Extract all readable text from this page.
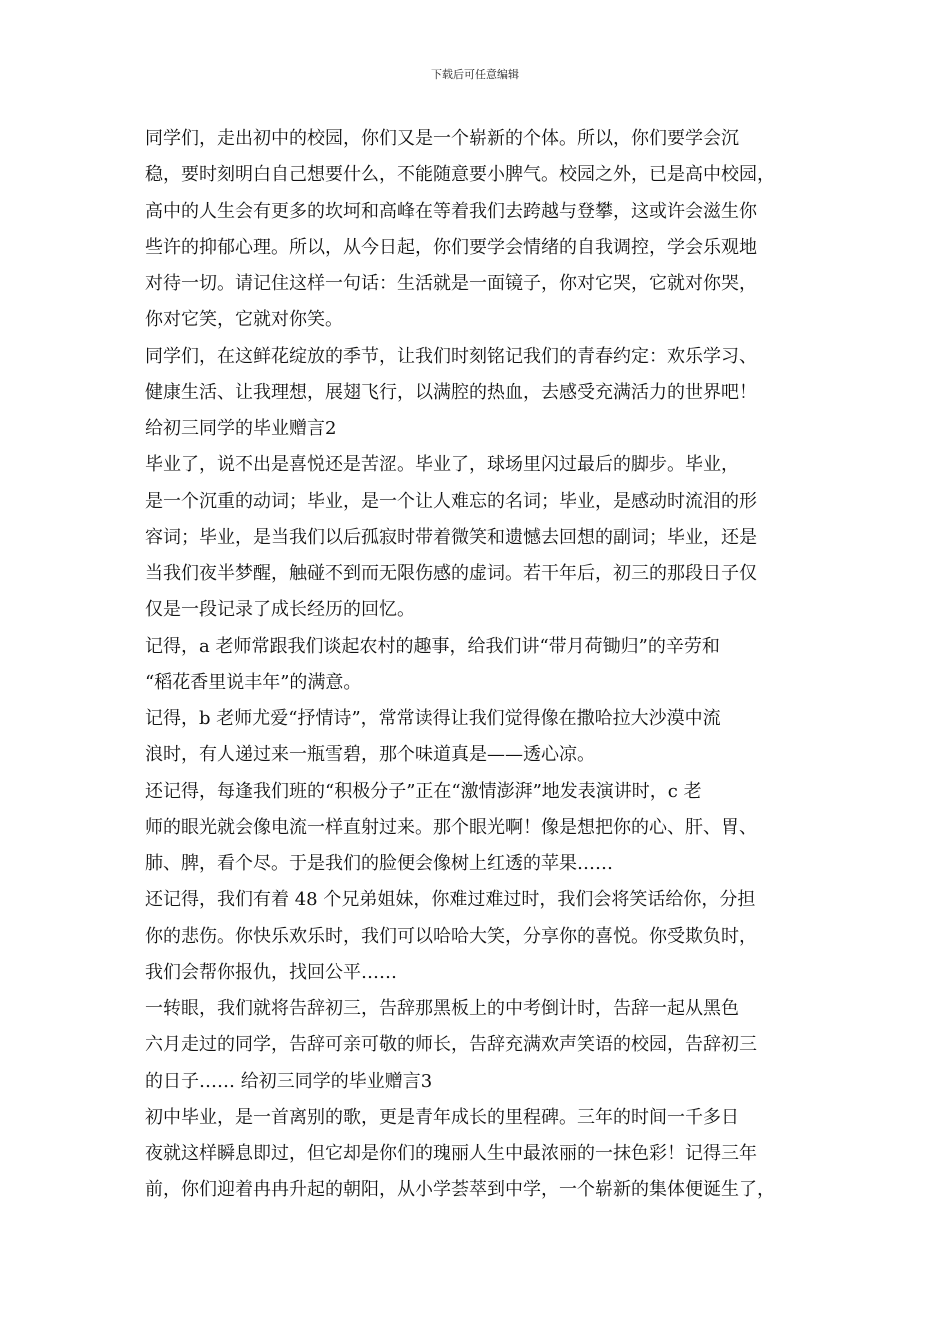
下载后可任意编辑

同学们，走出初中的校园，你们又是一个崭新的个体。所以，你们要学会沉
稳，要时刻明白自己想要什么，不能随意要小脾气。校园之外，已是高中校园，
高中的人生会有更多的坎坷和高峰在等着我们去跨越与登攀，这或许会滋生你
些许的抑郁心理。所以，从今日起，你们要学会情绪的自我调控，学会乐观地
对待一切。请记住这样一句话：生活就是一面镜子，你对它哭，它就对你哭，
你对它笑，它就对你笑。

同学们，在这鲜花绽放的季节，让我们时刻铭记我们的青春约定：欢乐学习、
健康生活、让我理想，展翅飞行，以满腔的热血，去感受充满活力的世界吧！

给初三同学的毕业赠言2

毕业了，说不出是喜悦还是苦涩。毕业了，球场里闪过最后的脚步。毕业，
是一个沉重的动词；毕业，是一个让人难忘的名词；毕业，是感动时流泪的形
容词；毕业，是当我们以后孤寂时带着微笑和遗憾去回想的副词；毕业，还是
当我们夜半梦醒，触碰不到而无限伤感的虚词。若干年后，初三的那段日子仅
仅是一段记录了成长经历的回忆。

记得，a 老师常跟我们谈起农村的趣事，给我们讲“带月荷锄归”的辛劳和
“稻花香里说丰年”的满意。

记得，b 老师尤爱“抒情诗”，常常读得让我们觉得像在撒哈拉大沙漠中流
浪时，有人递过来一瓶雪碧，那个味道真是——透心凉。

还记得，每逢我们班的“积极分子”正在“激情澎湃”地发表演讲时，c 老
师的眼光就会像电流一样直射过来。那个眼光啊！像是想把你的心、肝、胃、
肺、脾，看个尽。于是我们的脸便会像树上红透的苹果……

还记得，我们有着 48 个兄弟姐妹，你难过难过时，我们会将笑话给你，分担
你的悲伤。你快乐欢乐时，我们可以哈哈大笑，分享你的喜悦。你受欺负时，
我们会帮你报仇，找回公平……

一转眼，我们就将告辞初三，告辞那黑板上的中考倒计时，告辞一起从黑色
六月走过的同学，告辞可亲可敬的师长，告辞充满欢声笑语的校园，告辞初三
的日子…… 给初三同学的毕业赠言3

初中毕业，是一首离别的歌，更是青年成长的里程碑。三年的时间一千多日
夜就这样瞬息即过，但它却是你们的瑰丽人生中最浓丽的一抹色彩！记得三年
前，你们迎着冉冉升起的朝阳，从小学荟萃到中学，一个崭新的集体便诞生了，
